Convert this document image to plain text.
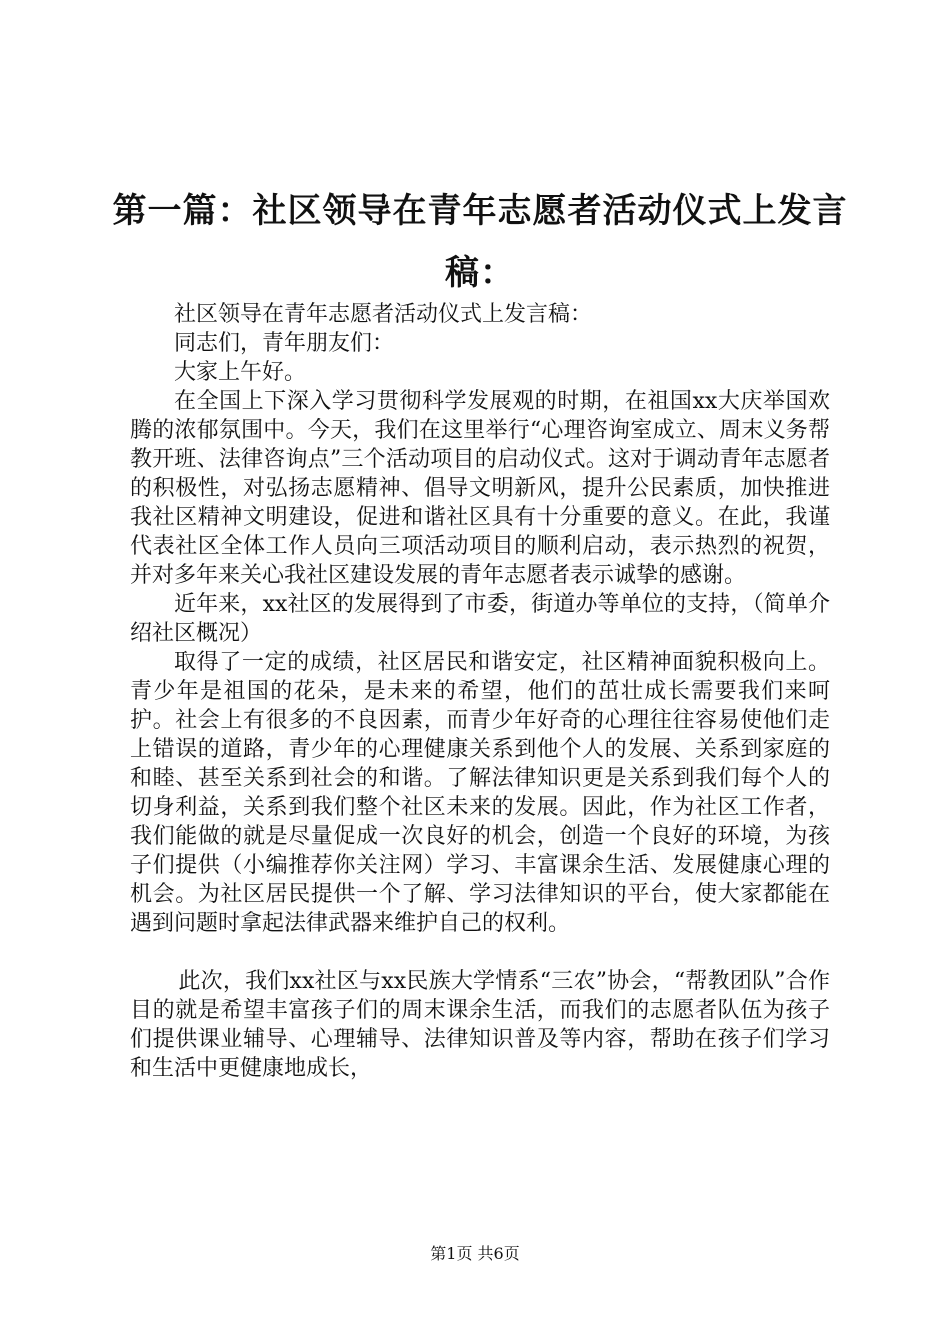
第一篇：社区领导在青年志愿者活动仪式上发言稿：

社区领导在青年志愿者活动仪式上发言稿：

同志们，青年朋友们：

大家上午好。

在全国上下深入学习贯彻科学发展观的时期，在祖国xx大庆举国欢腾的浓郁氛围中。今天，我们在这里举行“心理咨询室成立、周末义务帮教开班、法律咨询点”三个活动项目的启动仪式。这对于调动青年志愿者的积极性，对弘扬志愿精神、倡导文明新风，提升公民素质，加快推进我社区精神文明建设，促进和谐社区具有十分重要的意义。在此，我谨代表社区全体工作人员向三项活动项目的顺利启动，表示热烈的祝贺，并对多年来关心我社区建设发展的青年志愿者表示诚挚的感谢。

近年来，xx社区的发展得到了市委，街道办等单位的支持，（简单介绍社区概况）

取得了一定的成绩，社区居民和谐安定，社区精神面貌积极向上。青少年是祖国的花朵，是未来的希望，他们的茁壮成长需要我们来呵护。社会上有很多的不良因素，而青少年好奇的心理往往容易使他们走上错误的道路，青少年的心理健康关系到他个人的发展、关系到家庭的和睦、甚至关系到社会的和谐。了解法律知识更是关系到我们每个人的切身利益，关系到我们整个社区未来的发展。因此，作为社区工作者，我们能做的就是尽量促成一次良好的机会，创造一个良好的环境，为孩子们提供（小编推荐你关注网）学习、丰富课余生活、发展健康心理的机会。为社区居民提供一个了解、学习法律知识的平台，使大家都能在遇到问题时拿起法律武器来维护自己的权利。

此次，我们xx社区与xx民族大学情系“三农”协会，“帮教团队”合作目的就是希望丰富孩子们的周末课余生活，而我们的志愿者队伍为孩子们提供课业辅导、心理辅导、法律知识普及等内容，帮助在孩子们学习和生活中更健康地成长，

第1页 共6页
